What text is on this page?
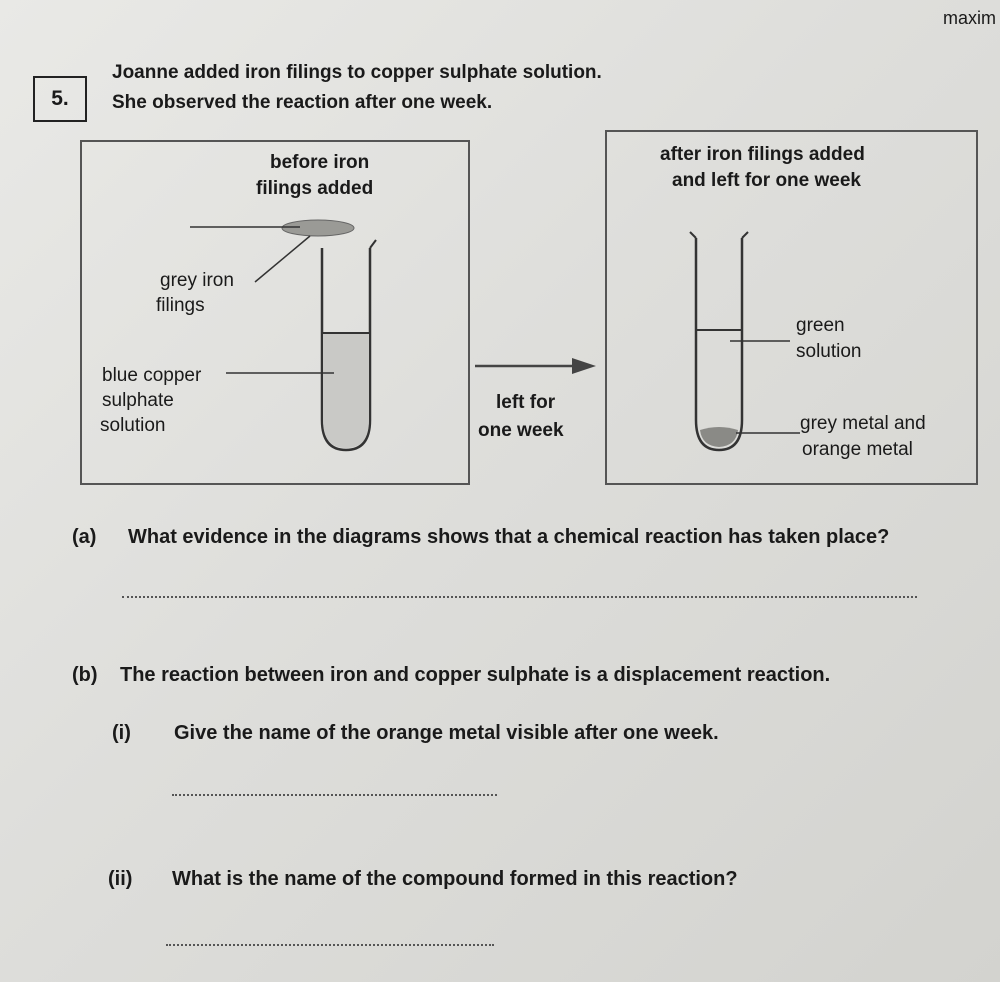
maxim
5.
Joanne added iron filings to copper sulphate solution.
She observed the reaction after one week.
before iron
filings added
grey iron
filings
blue copper
sulphate
solution
left for
one week
after iron filings added
and left for one week
green
solution
grey metal and
orange metal
(a) What evidence in the diagrams shows that a chemical reaction has taken place?
(b) The reaction between iron and copper sulphate is a displacement reaction.
(i) Give the name of the orange metal visible after one week.
(ii) What is the name of the compound formed in this reaction?
